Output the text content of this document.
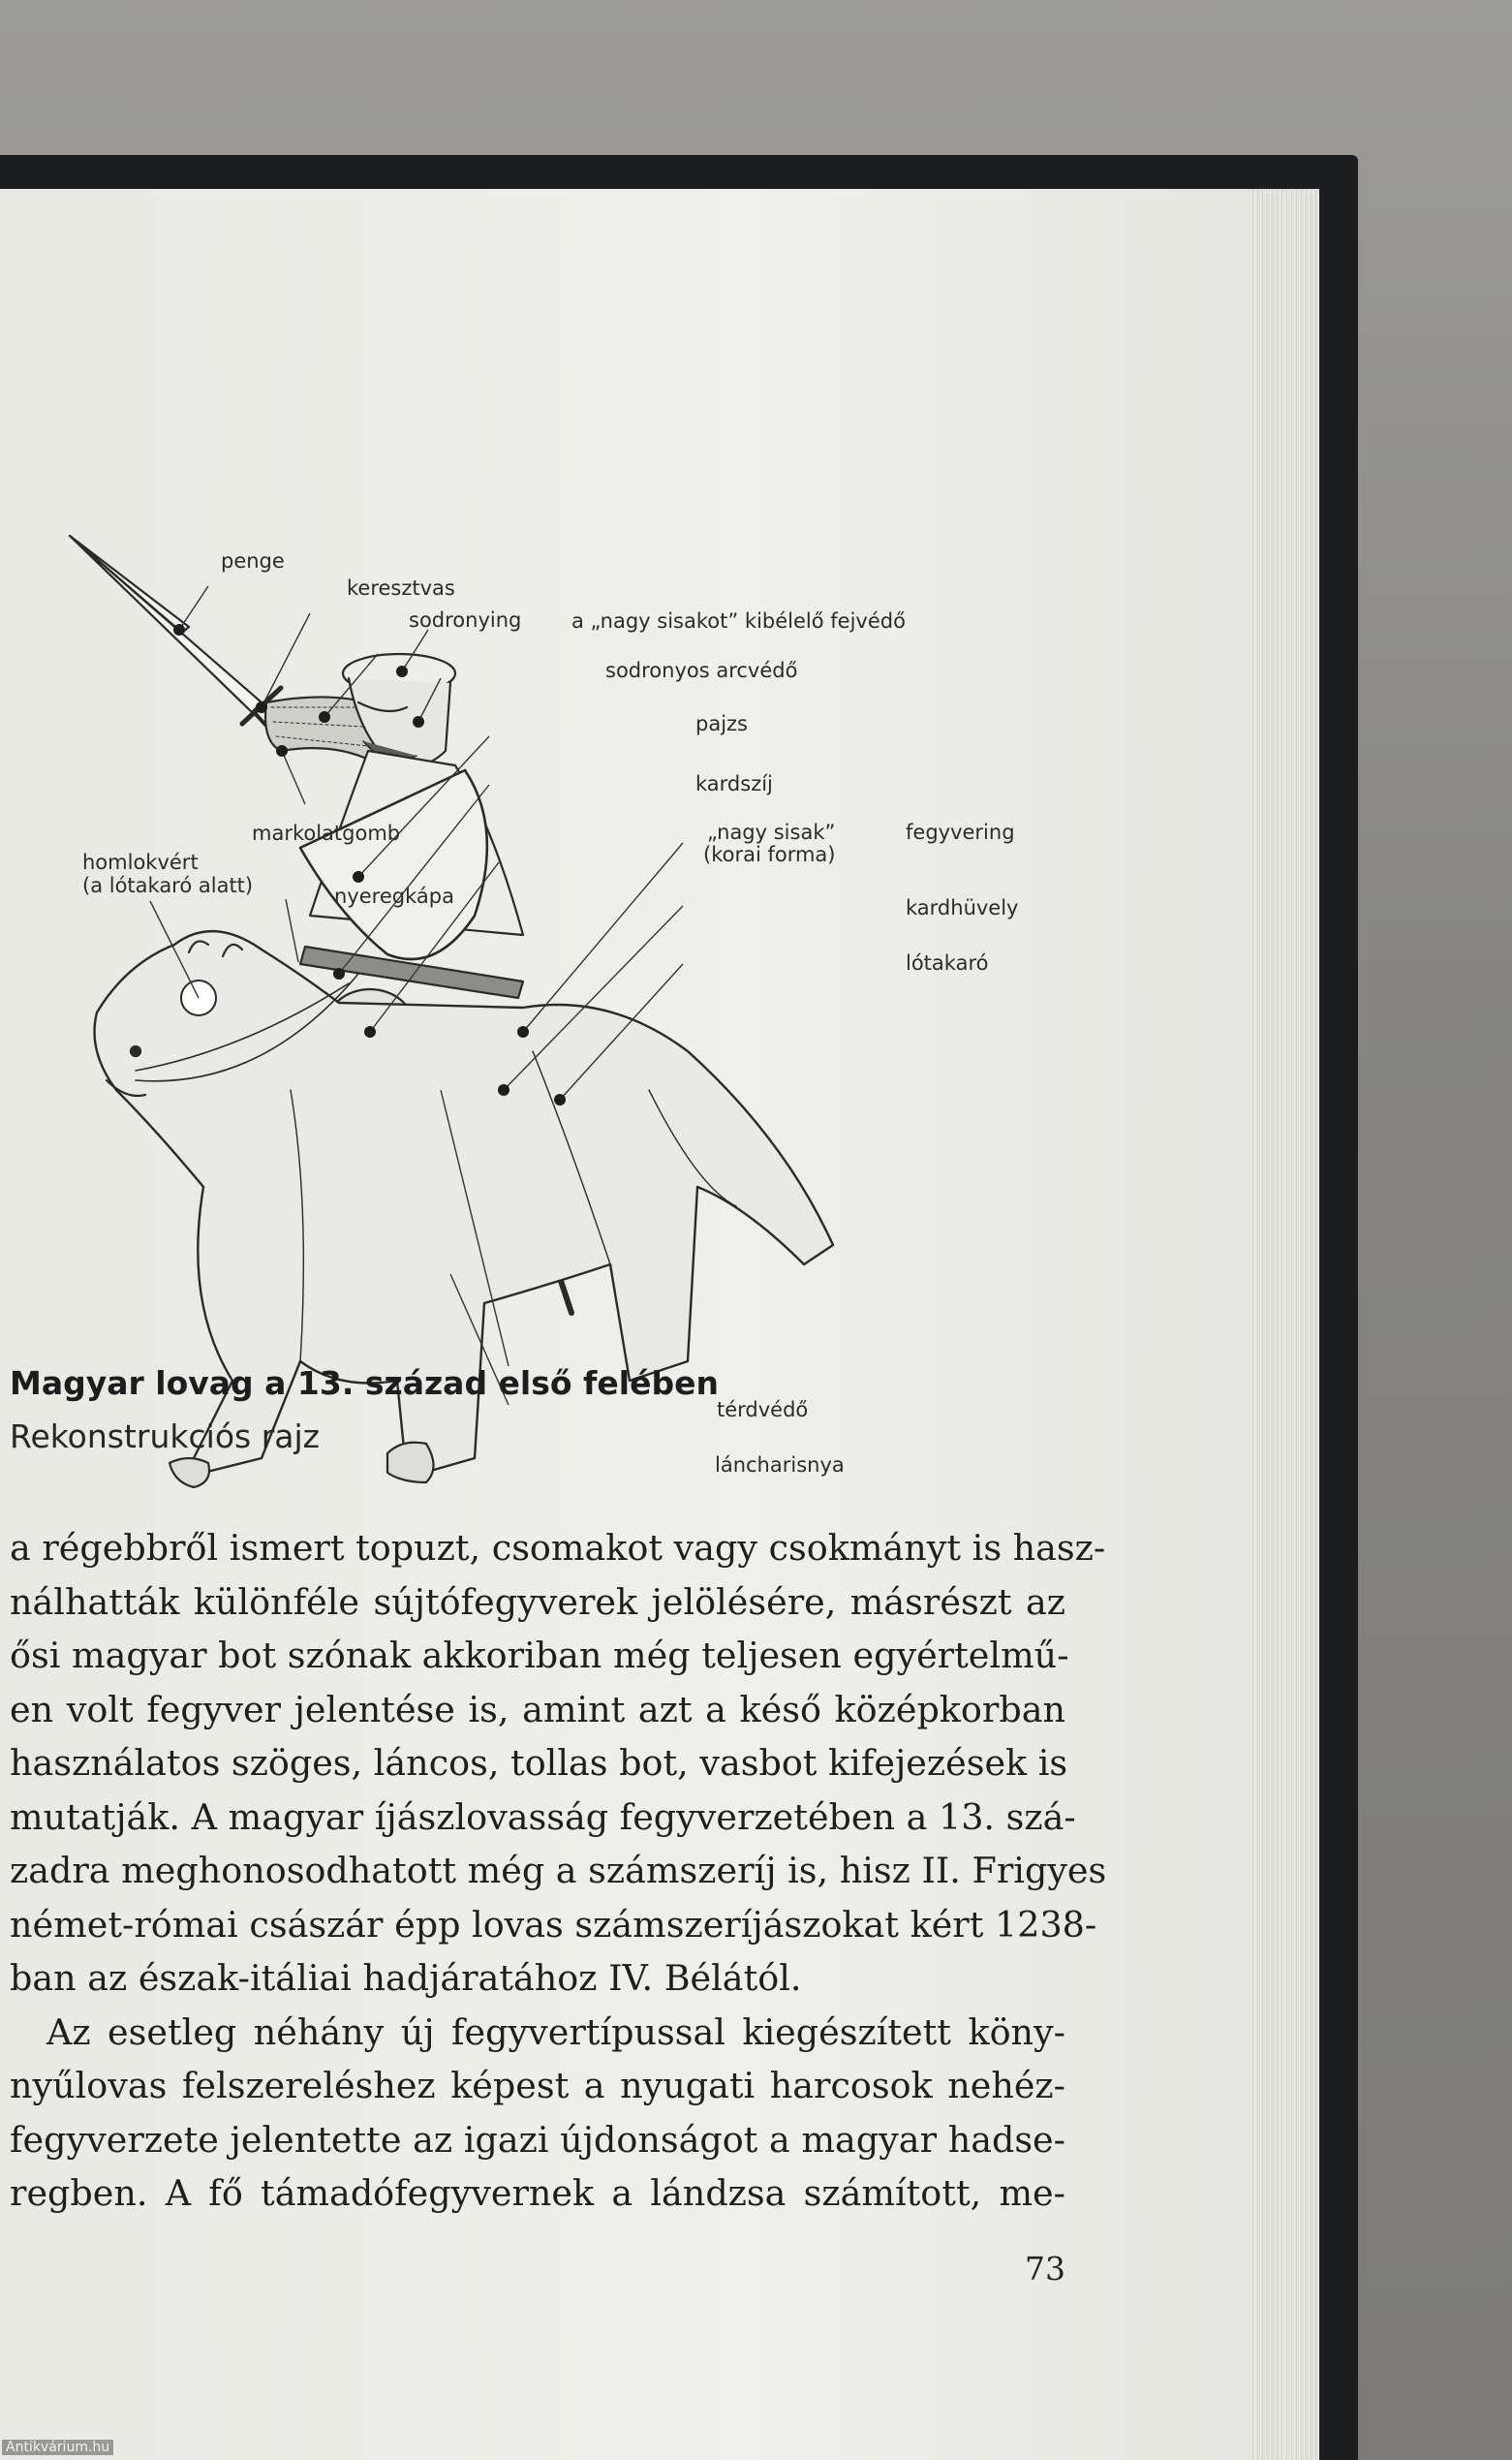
penge
keresztvas
sodronying a „nagy sisakot” kibélelő fejvédő
sodronyos arcvédő
pajzs
kardszíj
„nagy sisak”
(korai forma)
fegyvering
markolatgomb
homlokvért
(a lótakaró alatt)	nyeregkápa	kardhüvely
lótakaró
térdvédő
láncharisnya
Magyar lovag a 13. század első felében
Rekonstrukciós rajz
a régebbről ismert topuzt, csomakot vagy csokmányt is hasz-
nálhatták különféle sújtófegyverek jelölésére, másrészt az
ősi magyar bot szónak akkoriban még teljesen egyértelmű-
en volt fegyver jelentése is, amint azt a késő középkorban
használatos szöges, láncos, tollas bot, vasbot kifejezések is
mutatják. A magyar íjászlovasság fegyverzetében a 13. szá-
zadra meghonosodhatott még a számszeríj is, hisz II. Frigyes
német-római császár épp lovas számszeríjászokat kért 1238-
ban az észak-itáliai hadjáratához IV. Bélától.
Az esetleg néhány új fegyvertípussal kiegészített köny-
nyűlovas felszereléshez képest a nyugati harcosok nehéz-
fegyverzete jelentette az igazi újdonságot a magyar hadse-
regben. A fő támadófegyvernek a lándzsa számított, me-
73
Antikvárium.hu
